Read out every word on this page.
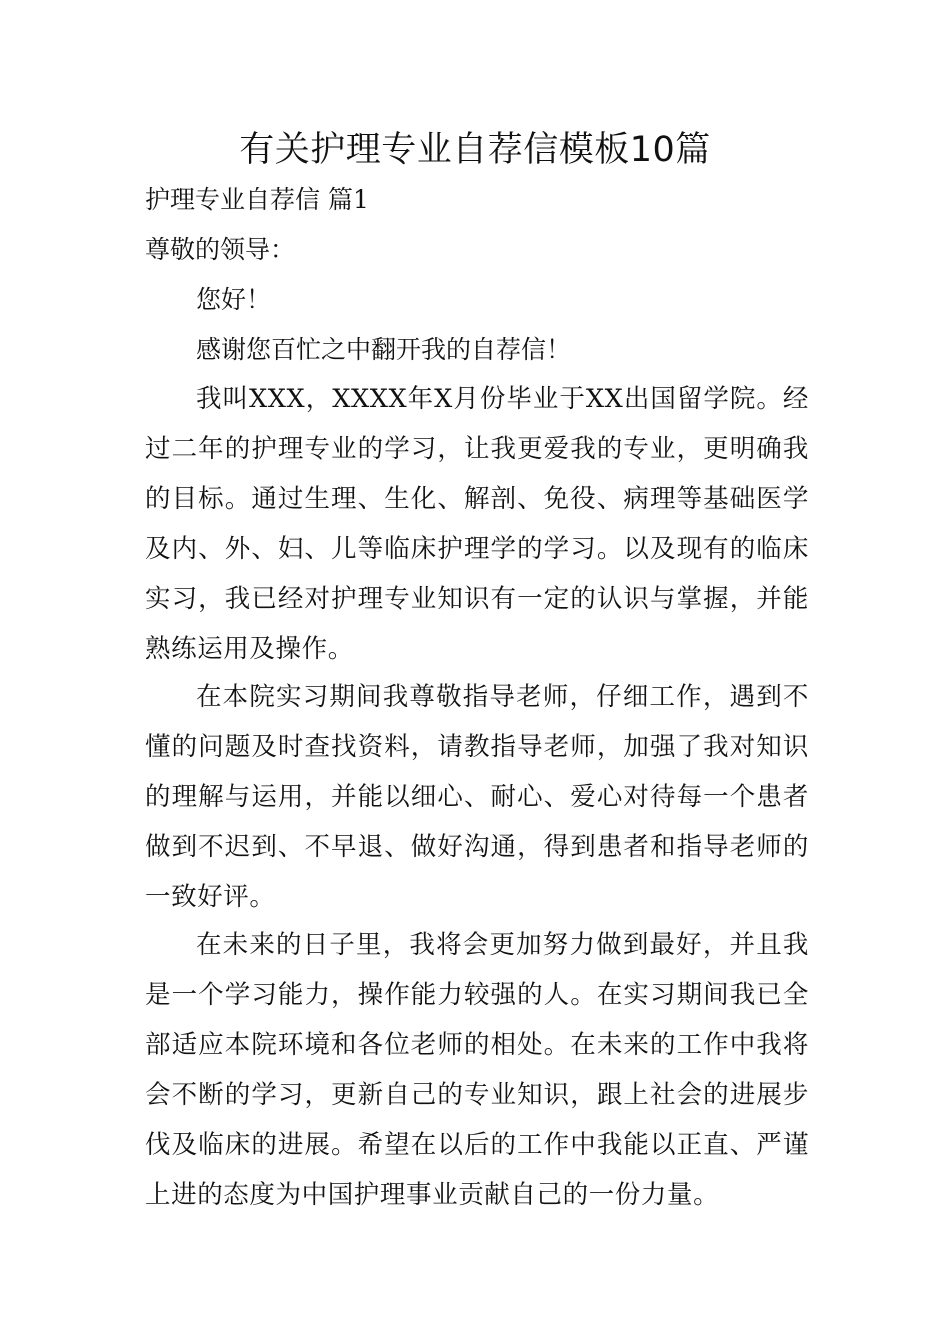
有关护理专业自荐信模板10篇

护理专业自荐信 篇1

尊敬的领导：

您好！

感谢您百忙之中翻开我的自荐信！

我叫XXX，XXXX年X月份毕业于XX出国留学院。经过二年的护理专业的学习，让我更爱我的专业，更明确我的目标。通过生理、生化、解剖、免役、病理等基础医学及内、外、妇、儿等临床护理学的学习。以及现有的临床实习，我已经对护理专业知识有一定的认识与掌握，并能熟练运用及操作。

在本院实习期间我尊敬指导老师，仔细工作，遇到不懂的问题及时查找资料，请教指导老师，加强了我对知识的理解与运用，并能以细心、耐心、爱心对待每一个患者做到不迟到、不早退、做好沟通，得到患者和指导老师的一致好评。

在未来的日子里，我将会更加努力做到最好，并且我是一个学习能力，操作能力较强的人。在实习期间我已全部适应本院环境和各位老师的相处。在未来的工作中我将会不断的学习，更新自己的专业知识，跟上社会的进展步伐及临床的进展。希望在以后的工作中我能以正直、严谨上进的态度为中国护理事业贡献自己的一份力量。
